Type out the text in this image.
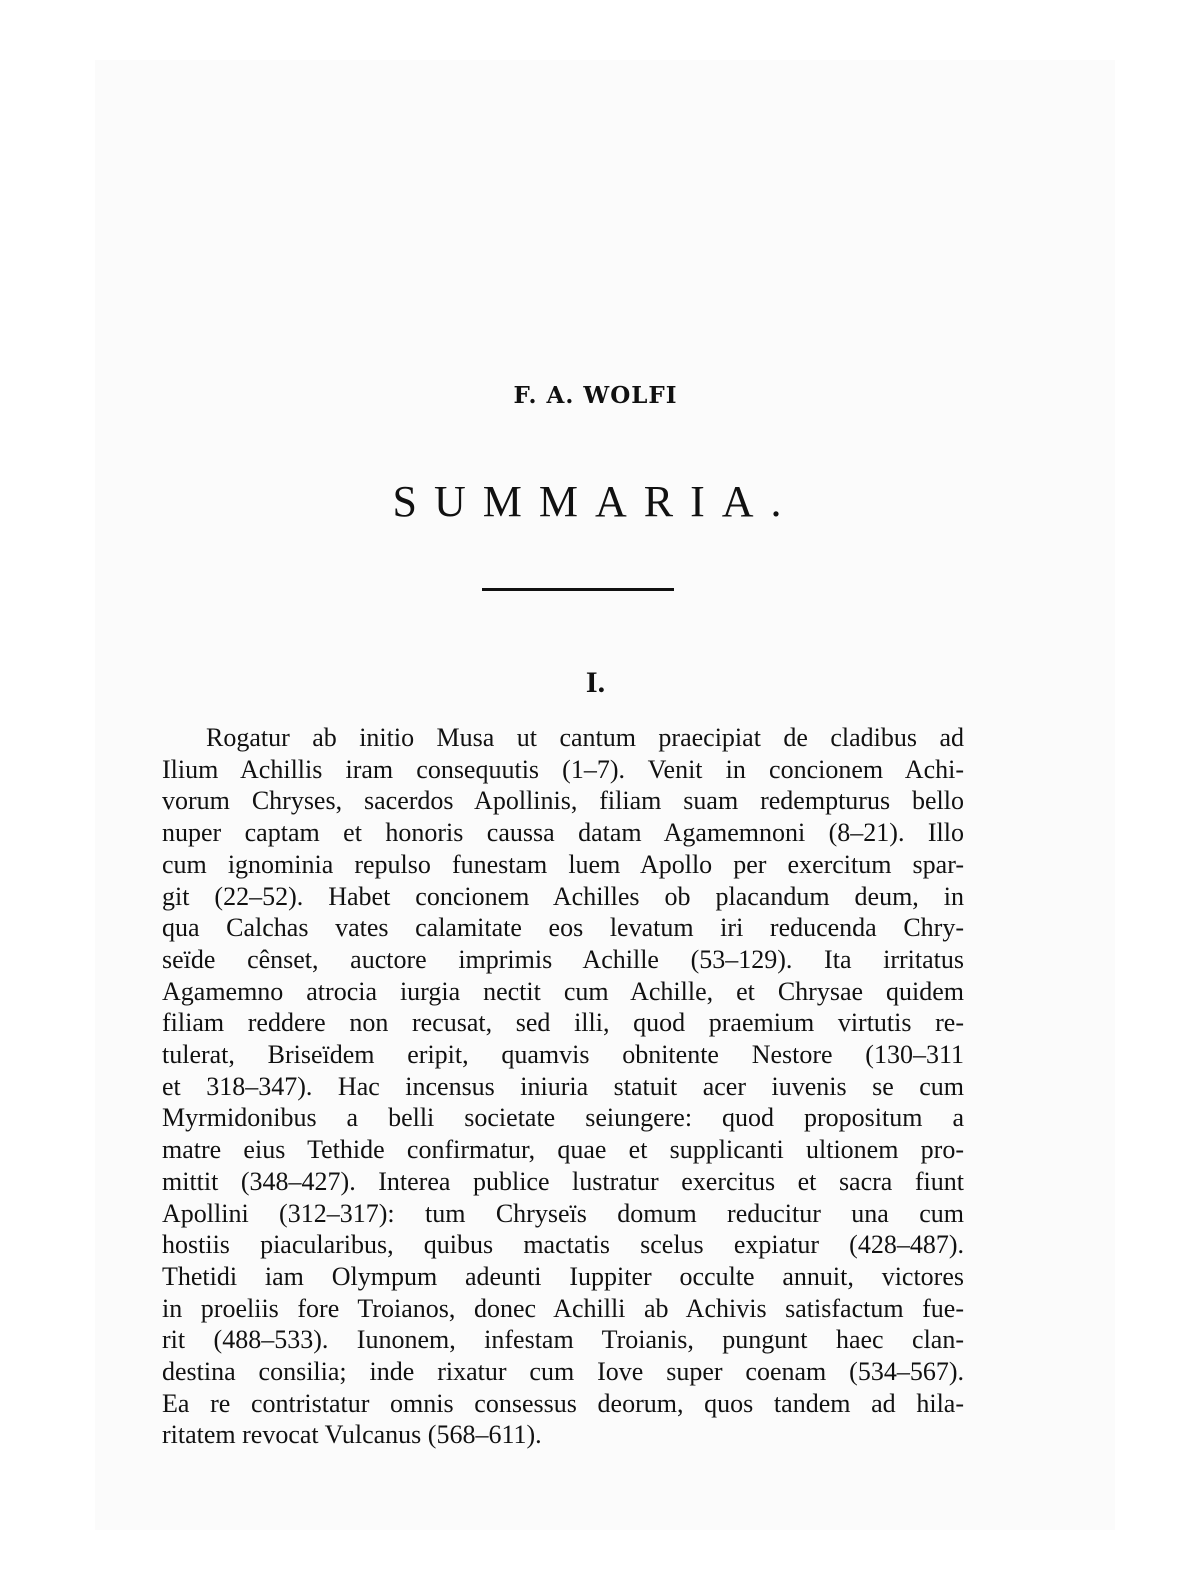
F. A. WOLFI
SUMMARIA.
I.
Rogatur ab initio Musa ut cantum praecipiat de cladibus ad
Ilium Achillis iram consequutis (1–7). Venit in concionem Achi-
vorum Chryses, sacerdos Apollinis, filiam suam redempturus bello
nuper captam et honoris caussa datam Agamemnoni (8–21). Illo
cum ignominia repulso funestam luem Apollo per exercitum spar-
git (22–52). Habet concionem Achilles ob placandum deum, in
qua Calchas vates calamitate eos levatum iri reducenda Chry-
seïde cênset, auctore imprimis Achille (53–129). Ita irritatus
Agamemno atrocia iurgia nectit cum Achille, et Chrysae quidem
filiam reddere non recusat, sed illi, quod praemium virtutis re-
tulerat, Briseïdem eripit, quamvis obnitente Nestore (130–311
et 318–347). Hac incensus iniuria statuit acer iuvenis se cum
Myrmidonibus a belli societate seiungere: quod propositum a
matre eius Tethide confirmatur, quae et supplicanti ultionem pro-
mittit (348–427). Interea publice lustratur exercitus et sacra fiunt
Apollini (312–317): tum Chryseïs domum reducitur una cum
hostiis piacularibus, quibus mactatis scelus expiatur (428–487).
Thetidi iam Olympum adeunti Iuppiter occulte annuit, victores
in proeliis fore Troianos, donec Achilli ab Achivis satisfactum fue-
rit (488–533). Iunonem, infestam Troianis, pungunt haec clan-
destina consilia; inde rixatur cum Iove super coenam (534–567).
Ea re contristatur omnis consessus deorum, quos tandem ad hila-
ritatem revocat Vulcanus (568–611).
